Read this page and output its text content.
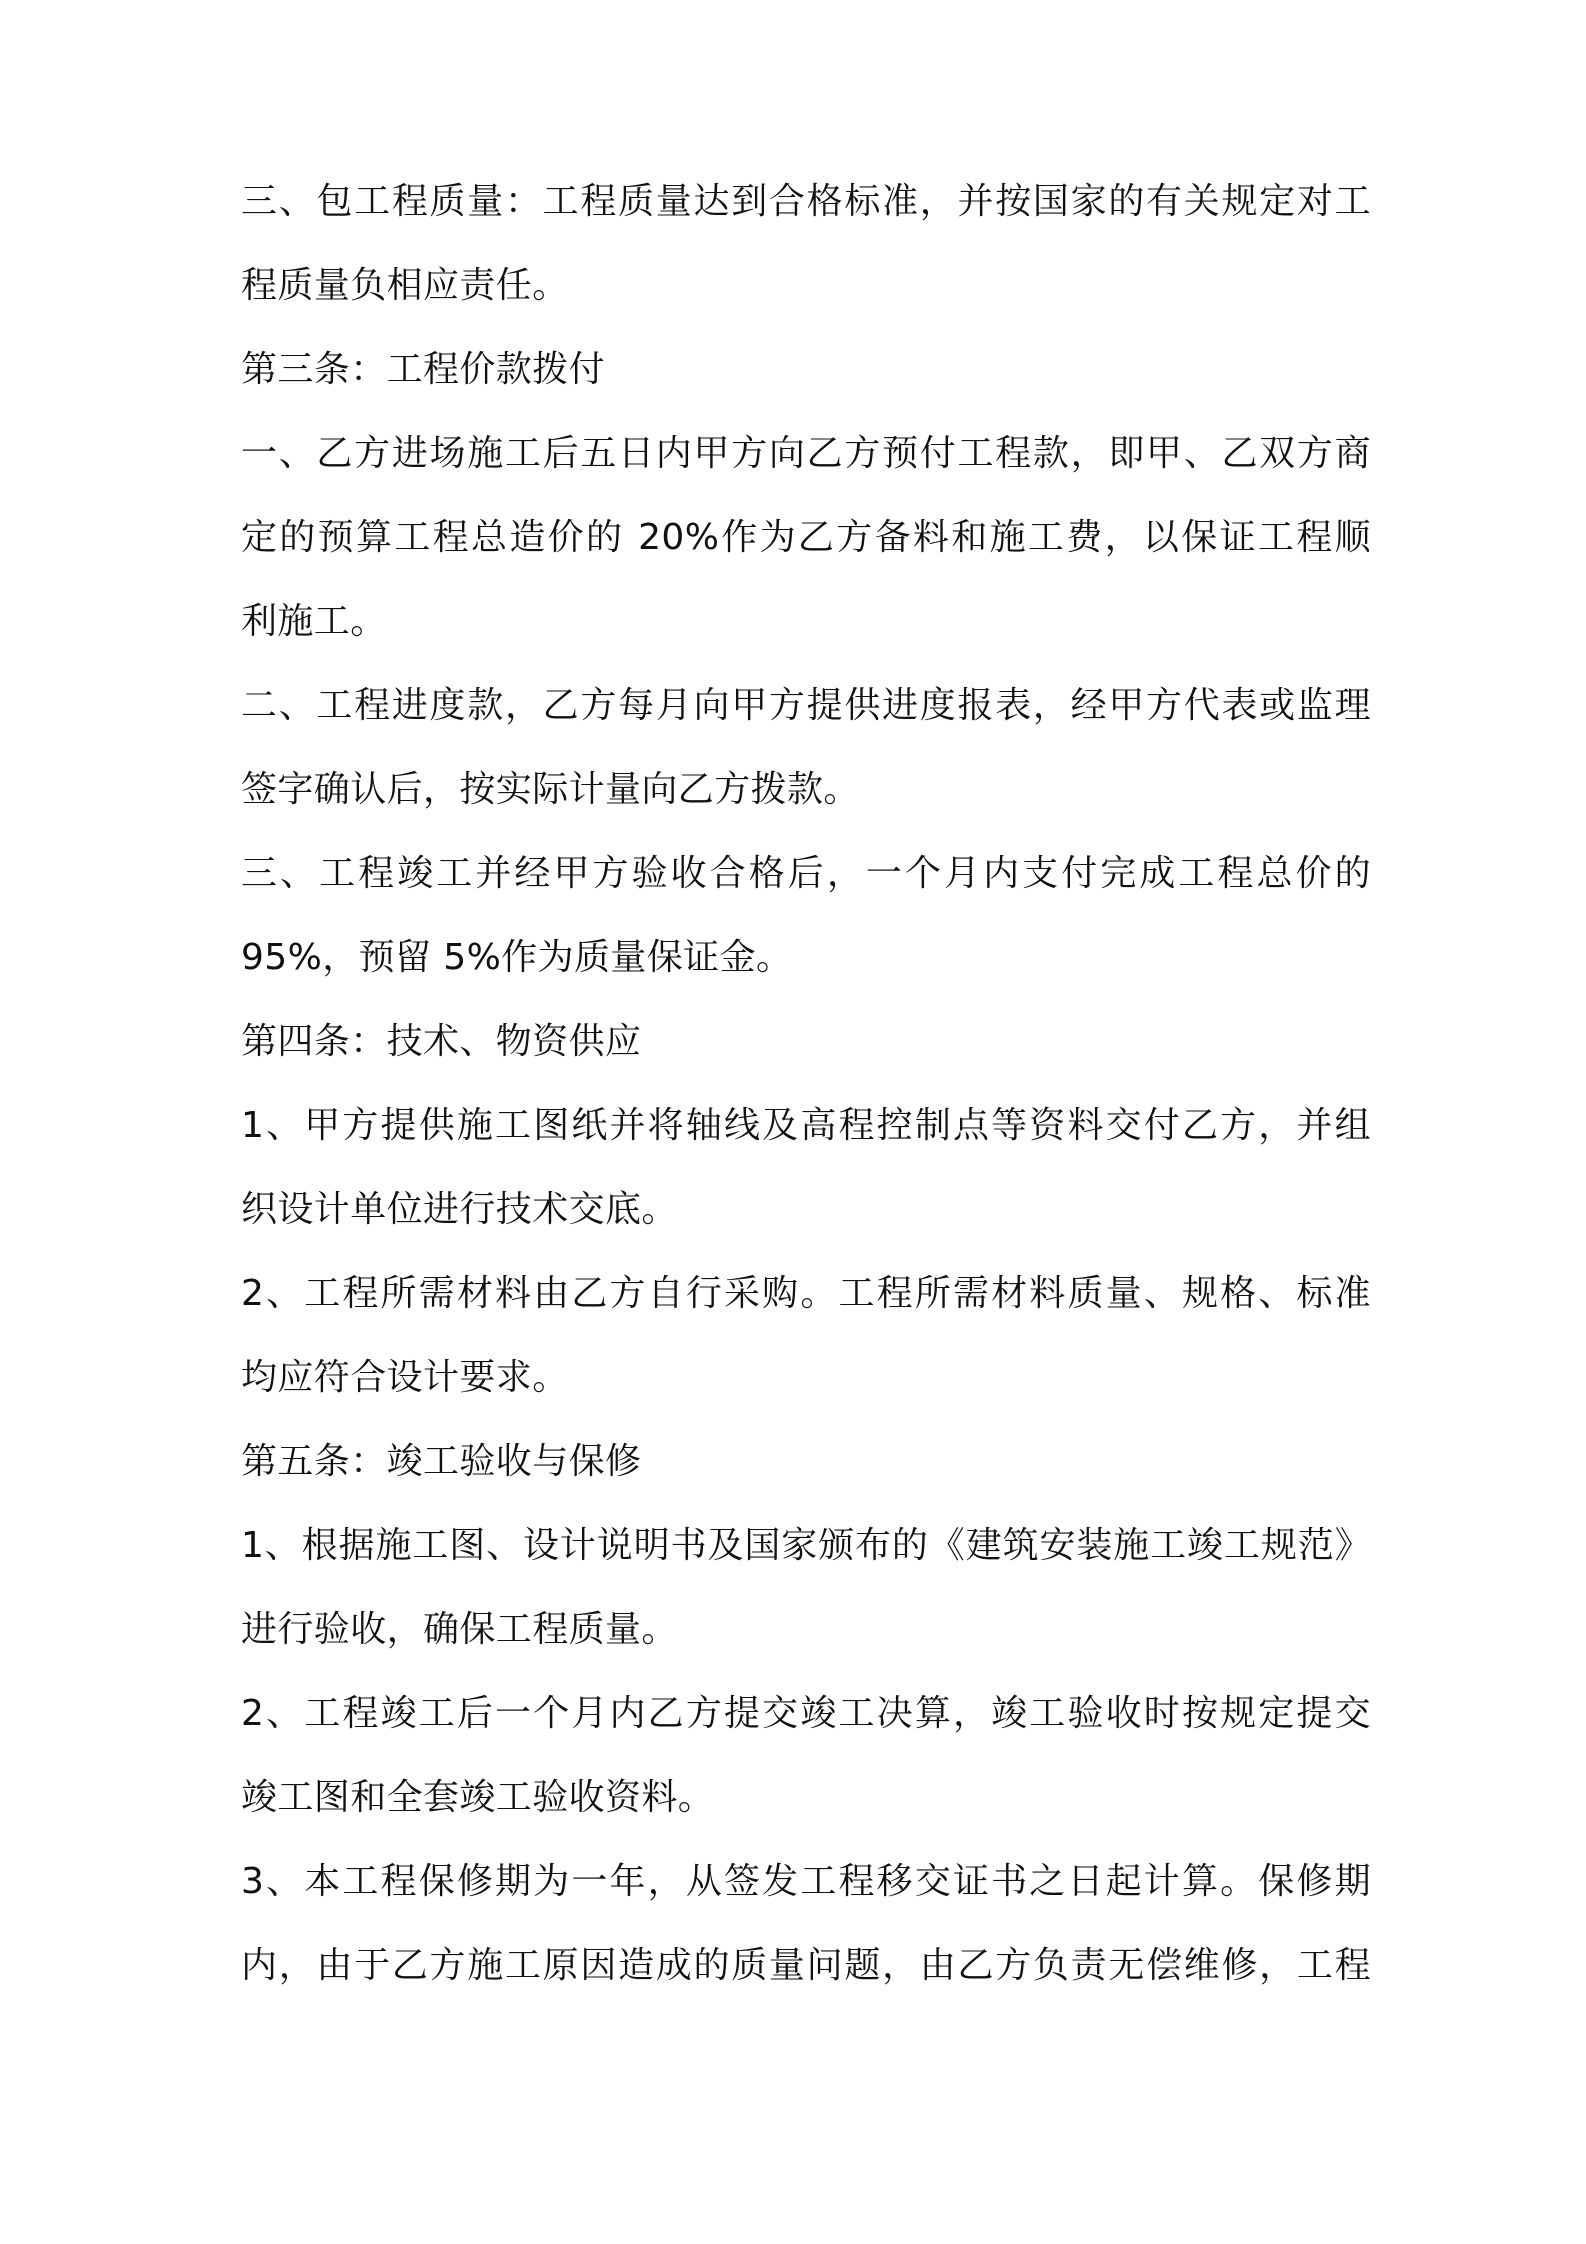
三、包工程质量：工程质量达到合格标准，并按国家的有关规定对工
程质量负相应责任。
第三条：工程价款拨付
一、乙方进场施工后五日内甲方向乙方预付工程款，即甲、乙双方商
定的预算工程总造价的 20%作为乙方备料和施工费，以保证工程顺
利施工。
二、工程进度款，乙方每月向甲方提供进度报表，经甲方代表或监理
签字确认后，按实际计量向乙方拨款。
三、工程竣工并经甲方验收合格后，一个月内支付完成工程总价的
95%，预留 5%作为质量保证金。
第四条：技术、物资供应
1、甲方提供施工图纸并将轴线及高程控制点等资料交付乙方，并组
织设计单位进行技术交底。
2、工程所需材料由乙方自行采购。工程所需材料质量、规格、标准
均应符合设计要求。
第五条：竣工验收与保修
1、根据施工图、设计说明书及国家颁布的《建筑安装施工竣工规范》
进行验收，确保工程质量。
2、工程竣工后一个月内乙方提交竣工决算，竣工验收时按规定提交
竣工图和全套竣工验收资料。
3、本工程保修期为一年，从签发工程移交证书之日起计算。保修期
内，由于乙方施工原因造成的质量问题，由乙方负责无偿维修，工程
